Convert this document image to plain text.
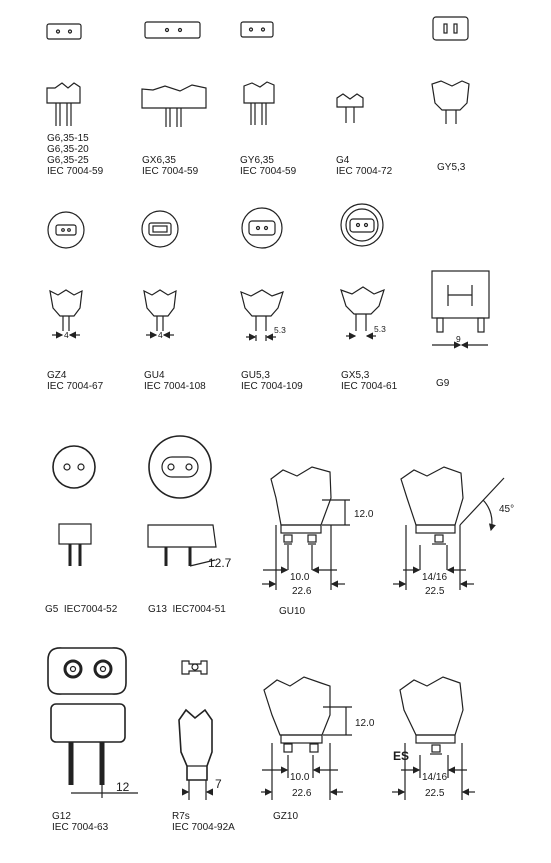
4	4	5.3	5.3
9
12.7
12.0
10.0
22.6
14/16
22.5
45°
12	7
12.0
10.0
22.6
14/16
22.5
ES
G6,35-15
G6,35-20
G6,35-25
IEC 7004-59
GX6,35
IEC 7004-59
GY6,35
IEC 7004-59
G4
IEC 7004-72	GY5,3
GZ4
IEC 7004-67
GU4
IEC 7004-108
GU5,3
IEC 7004-109
GX5,3
IEC 7004-61	G9
G5  IEC7004-52	G13  IEC7004-51	GU10
G12
IEC 7004-63
R7s
IEC 7004-92A
GZ10
